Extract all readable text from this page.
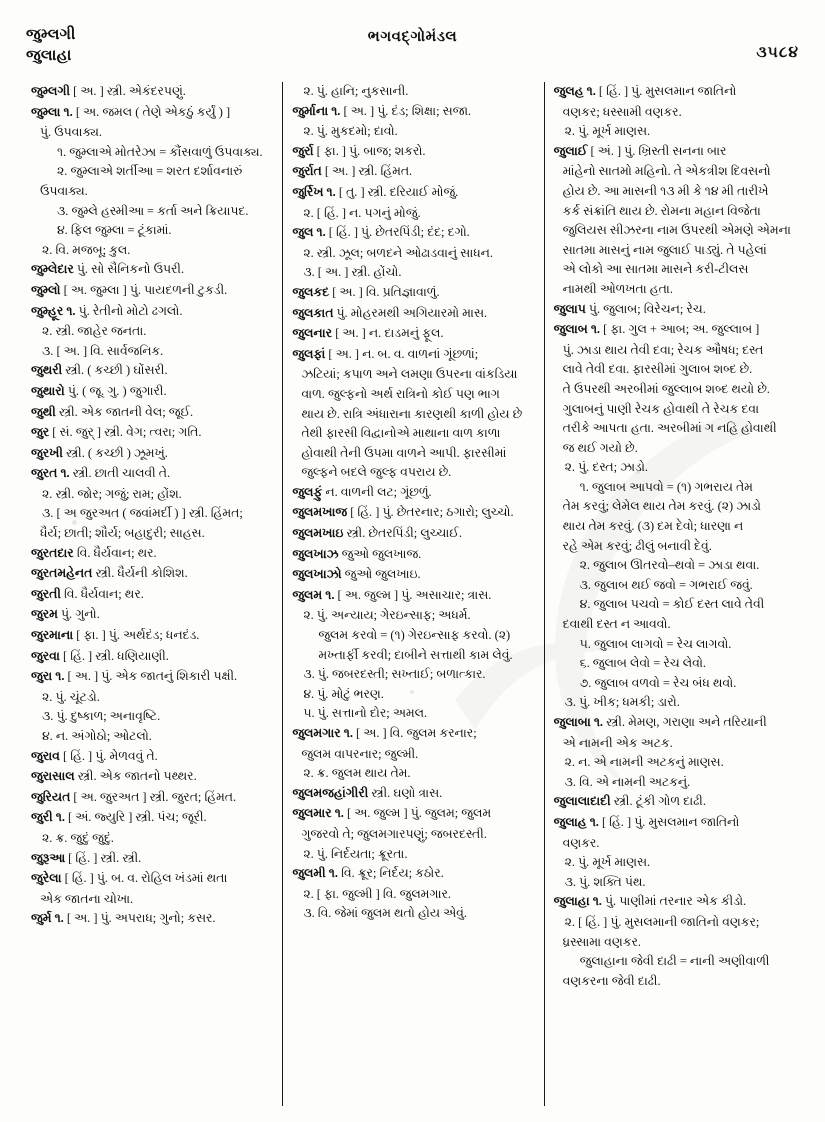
જુમ્લગી
જુલાહા
ભગવદ્ગોમંડલ
૩૫૮૪

જુમ્લગી [ અ. ] સ્ત્રી. એકંદરપણું.

જુમ્લા ૧. [ અ. જમલ ( તેણે એકઠું કર્યું ) ]

પું. ઉપવાક્ય.

૧. જુમ્લાએ મોતરેઝા = કૌંસવાળું ઉપવાક્ય.

૨. જુમ્લાએ શર્તીઆ = શરત દર્શાવનારું

ઉપવાક્ય.

૩. જુમ્લે હસ્મીઆ = કર્તા અને ક્રિયાપદ.

૪. ફિલ જુમ્લા = ટૂંકામાં.

૨. વિ. મજબૂ; કુલ.

જુમ્લેદાર પું. સો સૈનિકનો ઉપરી.

જુમ્લો [ અ. જુમ્લા ] પું. પાયદળની ટુકડી.

જુમ્હૂર ૧. પું. રેતીનો મોટો ઢગલો.

૨. સ્ત્રી. જાહેર જનતા.

૩. [ અ. ] વિ. સાર્વજનિક.

જુથરી સ્ત્રી. ( કચ્છી ) ઘોંસરી.

જુથારો પું. ( જૂ. ગુ. ) જુગારી.

જુથી સ્ત્રી. એક જાતની વેલ; જૂઈ.

જુર [ સં. જુર્ ] સ્ત્રી. વેગ; ત્વરા; ગતિ.

જુરખી સ્ત્રી. ( કચ્છી ) ઝૂમખું.

જુરત ૧. સ્ત્રી. છાતી ચાલવી તે.

૨. સ્ત્રી. જોર; ગજું; રામ; હોંશ.

૩. [ અ જુરઅત ( જવાંમર્દી ) ] સ્ત્રી. હિંમત;

ધૈર્ય; છાતી; શૌર્ય; બહાદુરી; સાહસ.

જુરતદાર વિ. ધૈર્યવાન; થર.

જુરતમહેનત સ્ત્રી. ધૈર્યની કોશિશ.

જુરતી વિ. ધૈર્યવાન; થર.

જુરમ પું. ગુનો.

જુરમાના [ ફા. ] પું. અર્થદંડ; ધનદંડ.

જુરવા [ હિં. ] સ્ત્રી. ધણિયાણી.

જુરા ૧. [ અ. ] પું. એક જાતનું શિકારી પક્ષી.

૨. પું. ચૂંટડો.

૩. પું. દુષ્કાળ; અનાવૃષ્ટિ.

૪. ન. અંગોઠો; ઓટલો.

જુરાવ [ હિં. ] પું. મેળવવું તે.

જુરાસાલ સ્ત્રી. એક જાતનો પથ્થર.

જુરિયત [ અ. જુરઅત ] સ્ત્રી. જુરત; હિંમત.

જુરી ૧. [ અં. જ્યુરિ ] સ્ત્રી. પંચ; જૂરી.

૨. ક્ર. જુદું જુદું.

જુરૂઆ [ હિં. ] સ્ત્રી. સ્ત્રી.

જુરેલા [ હિં. ] પું. બ. વ. રોહિલ ખંડમાં થતા

એક જાતના ચોખા.

જુર્મ ૧. [ અ. ] પું. અપરાધ; ગુનો; કસર.

૨. પું. હાનિ; નુકસાની.

જુર્માના ૧. [ અ. ] પું. દંડ; શિક્ષા; સજા.

૨. પું. મુકદમો; દાવો.

જુર્રા [ ફા. ] પું. બાજ; શકરો.

જુર્રાત [ અ. ] સ્ત્રી. હિંમત.

જુર્રિખ ૧. [ તુ. ] સ્ત્રી. દરિયાઈ મોજું.

૨. [ હિં. ] ન. પગનું મોજું.

જુલ ૧. [ હિં. ] પું. છેતરપિંડી; દંદ; દગો.

૨. સ્ત્રી. ઝૂલ; બળદને ઓઢાડવાનું સાધન.

૩. [ અ. ] સ્ત્રી. હોંચો.

જુલકદ [ અ. ] વિ. પ્રતિજ્ઞાવાળું.

જુલકાત પું. મોહરમથી અગિયારમો માસ.

જુલનાર [ અ. ] ન. દાડમનું ફૂલ.

જુલફાં [ અ. ] ન. બ. વ. વાળનાં ગૂંછળાં;

ઝટિયાં; કપાળ અને લમણા ઉપરના વાંકડિયા

વાળ. જુલ્ફનો અર્થ રાત્રિનો કોઈ પણ ભાગ

થાય છે. રાત્રિ અંધારાના કારણથી કાળી હોય છે

તેથી ફારસી વિદ્વાનોએ માથાના વાળ કાળા

હોવાથી તેની ઉપમા વાળને આપી. ફારસીમાં

જુલ્ફને બદલે જુલ્ફ વપરાય છે.

જુલફું ન. વાળની લટ; ગૂંછળું.

જુલમખાજ [ હિં. ] પું. છેતરનાર; ઠગારો; લુચ્ચો.

જુલમખાઇ સ્ત્રી. છેતરપિંડી; લુચ્ચાઈ.

જુલખાઝ જુઓ જુલખાજ.

જુલખાઝો જુઓ જુલખાઇ.

જુલમ ૧. [ અ. જુલ્મ ] પું. અસાચાર; ત્રાસ.

૨. પું. અન્યાય; ગેરઇન્સાફ; અધર્મ.

જુલમ કરવો = (૧) ગેરઇન્સાફ કરવો. (૨)

મખ્તાર્ફી કરવી; દાબીને સત્તાથી કામ લેવું.

૩. પું. જબરદસ્તી; સખ્તાઈ; બળાત્કાર.

૪. પું. મોટું ભરણ.

૫. પું. સત્તાનો દોર; અમલ.

જુલમગાર ૧. [ અ. ] વિ. જુલમ કરનાર;

જુલમ વાપરનાર; જુલ્મી.

૨. ક્ર. જુલમ થાય તેમ.

જુલમજહાંગીરી સ્ત્રી. ઘણો ત્રાસ.

જુલમાર ૧. [ અ. જુલ્મ ] પું. જુલમ; જુલમ

ગુજરવો તે; જુલમગારપણું; જબરદસ્તી.

૨. પું. નિર્દયતા; ક્રૂરતા.

જુલમી ૧. વિ. ક્રૂર; નિર્દય; કઠોર.

૨. [ ફા. જુલ્મી ] વિ. જુલમગાર.

૩. વિ. જેમાં જુલમ થતો હોય એવું.

જુલહ ૧. [ હિં. ] પું. મુસલમાન જાતિનો

વણકર; ધસ્સામી વણકર.

૨. પું. મૂર્ખ માણસ.

જુલાઈ [ અં. ] પું. ખ્રિસ્તી સનના બાર

માંહેનો સાતમો મહિનો. તે એકત્રીશ દિવસનો

હોય છે. આ માસની ૧૩ મી કે ૧૪ મી તારીખે

કર્ક સંક્રાંતિ થાય છે. રોમના મહાન વિજેતા

જુલિયસ સીઝરના નામ ઉપરથી એમણે એમના

સાતમા માસનું નામ જુલાઈ પાડ્યું. તે પહેલાં

એ લોકો આ સાતમા માસને કરી-ટીલસ

નામથી ઓળખતા હતા.

જુલાપ પું. જુલાબ; વિરેચન; રેચ.

જુલાબ ૧. [ ફા. ગુલ + આબ; અ. જુલ્લાબ ]

પું. ઝાડા થાય તેવી દવા; રેચક ઔષધ; દસ્ત

લાવે તેવી દવા. ફારસીમાં ગુલાબ શબ્દ છે.

તે ઉપરથી અરબીમાં જુલ્લાબ શબ્દ થયો છે.

ગુલાબનું પાણી રેચક હોવાથી તે રેચક દવા

તરીકે આપતા હતા. અરબીમાં ગ નહિ હોવાથી

જ થઈ ગયો છે.

૨. પું. દસ્ત; ઝાડો.

૧. જુલાબ આપવો = (૧) ગભરાય તેમ

તેમ કરવું; લેમેલ થાય તેમ કરવું. (૨) ઝાડો

થાય તેમ કરવું. (૩) દમ દેવો; ધારણા ન

રહે એમ કરવું; ઢીલું બનાવી દેવું.

૨. જુલાબ ઊતરવો–થવો = ઝાડા થવા.

૩. જુલાબ થઈ જવો = ગભરાઈ જવું.

૪. જુલાબ પચવો = કોઈ દસ્ત લાવે તેવી

દવાથી દસ્ત ન આવવો.

૫. જુલાબ લાગવો = રેચ લાગવો.

૬. જુલાબ લેવો = રેચ લેવો.

૭. જુલાબ વળવો = રેચ બંધ થવો.

૩. પું. ખીક; ધમકી; ડારો.

જુલાબા ૧. સ્ત્રી. મેમણ, ગરાણા અને તરિયાની

એ નામની એક અટક.

૨. ન. એ નામની અટકનું માણસ.

૩. વિ. એ નામની અટકનું.

જુલાલાદાદી સ્ત્રી. ટૂંકી ગોળ દાઢી.

જુલાહ ૧. [ હિં. ] પું. મુસલમાન જાતિનો

વણકર.

૨. પું. મૂર્ખ માણસ.

૩. પું. શક્તિ પંથ.

જુલાહા ૧. પું. પાણીમાં તરનાર એક કીડો.

૨. [ હિં. ] પું. મુસલમાની જાતિનો વણકર;

ધ્રસ્સામા વણકર.

જુલાહાના જેવી દાઢી = નાની અણીવાળી

વણકરના જેવી દાઢી.
